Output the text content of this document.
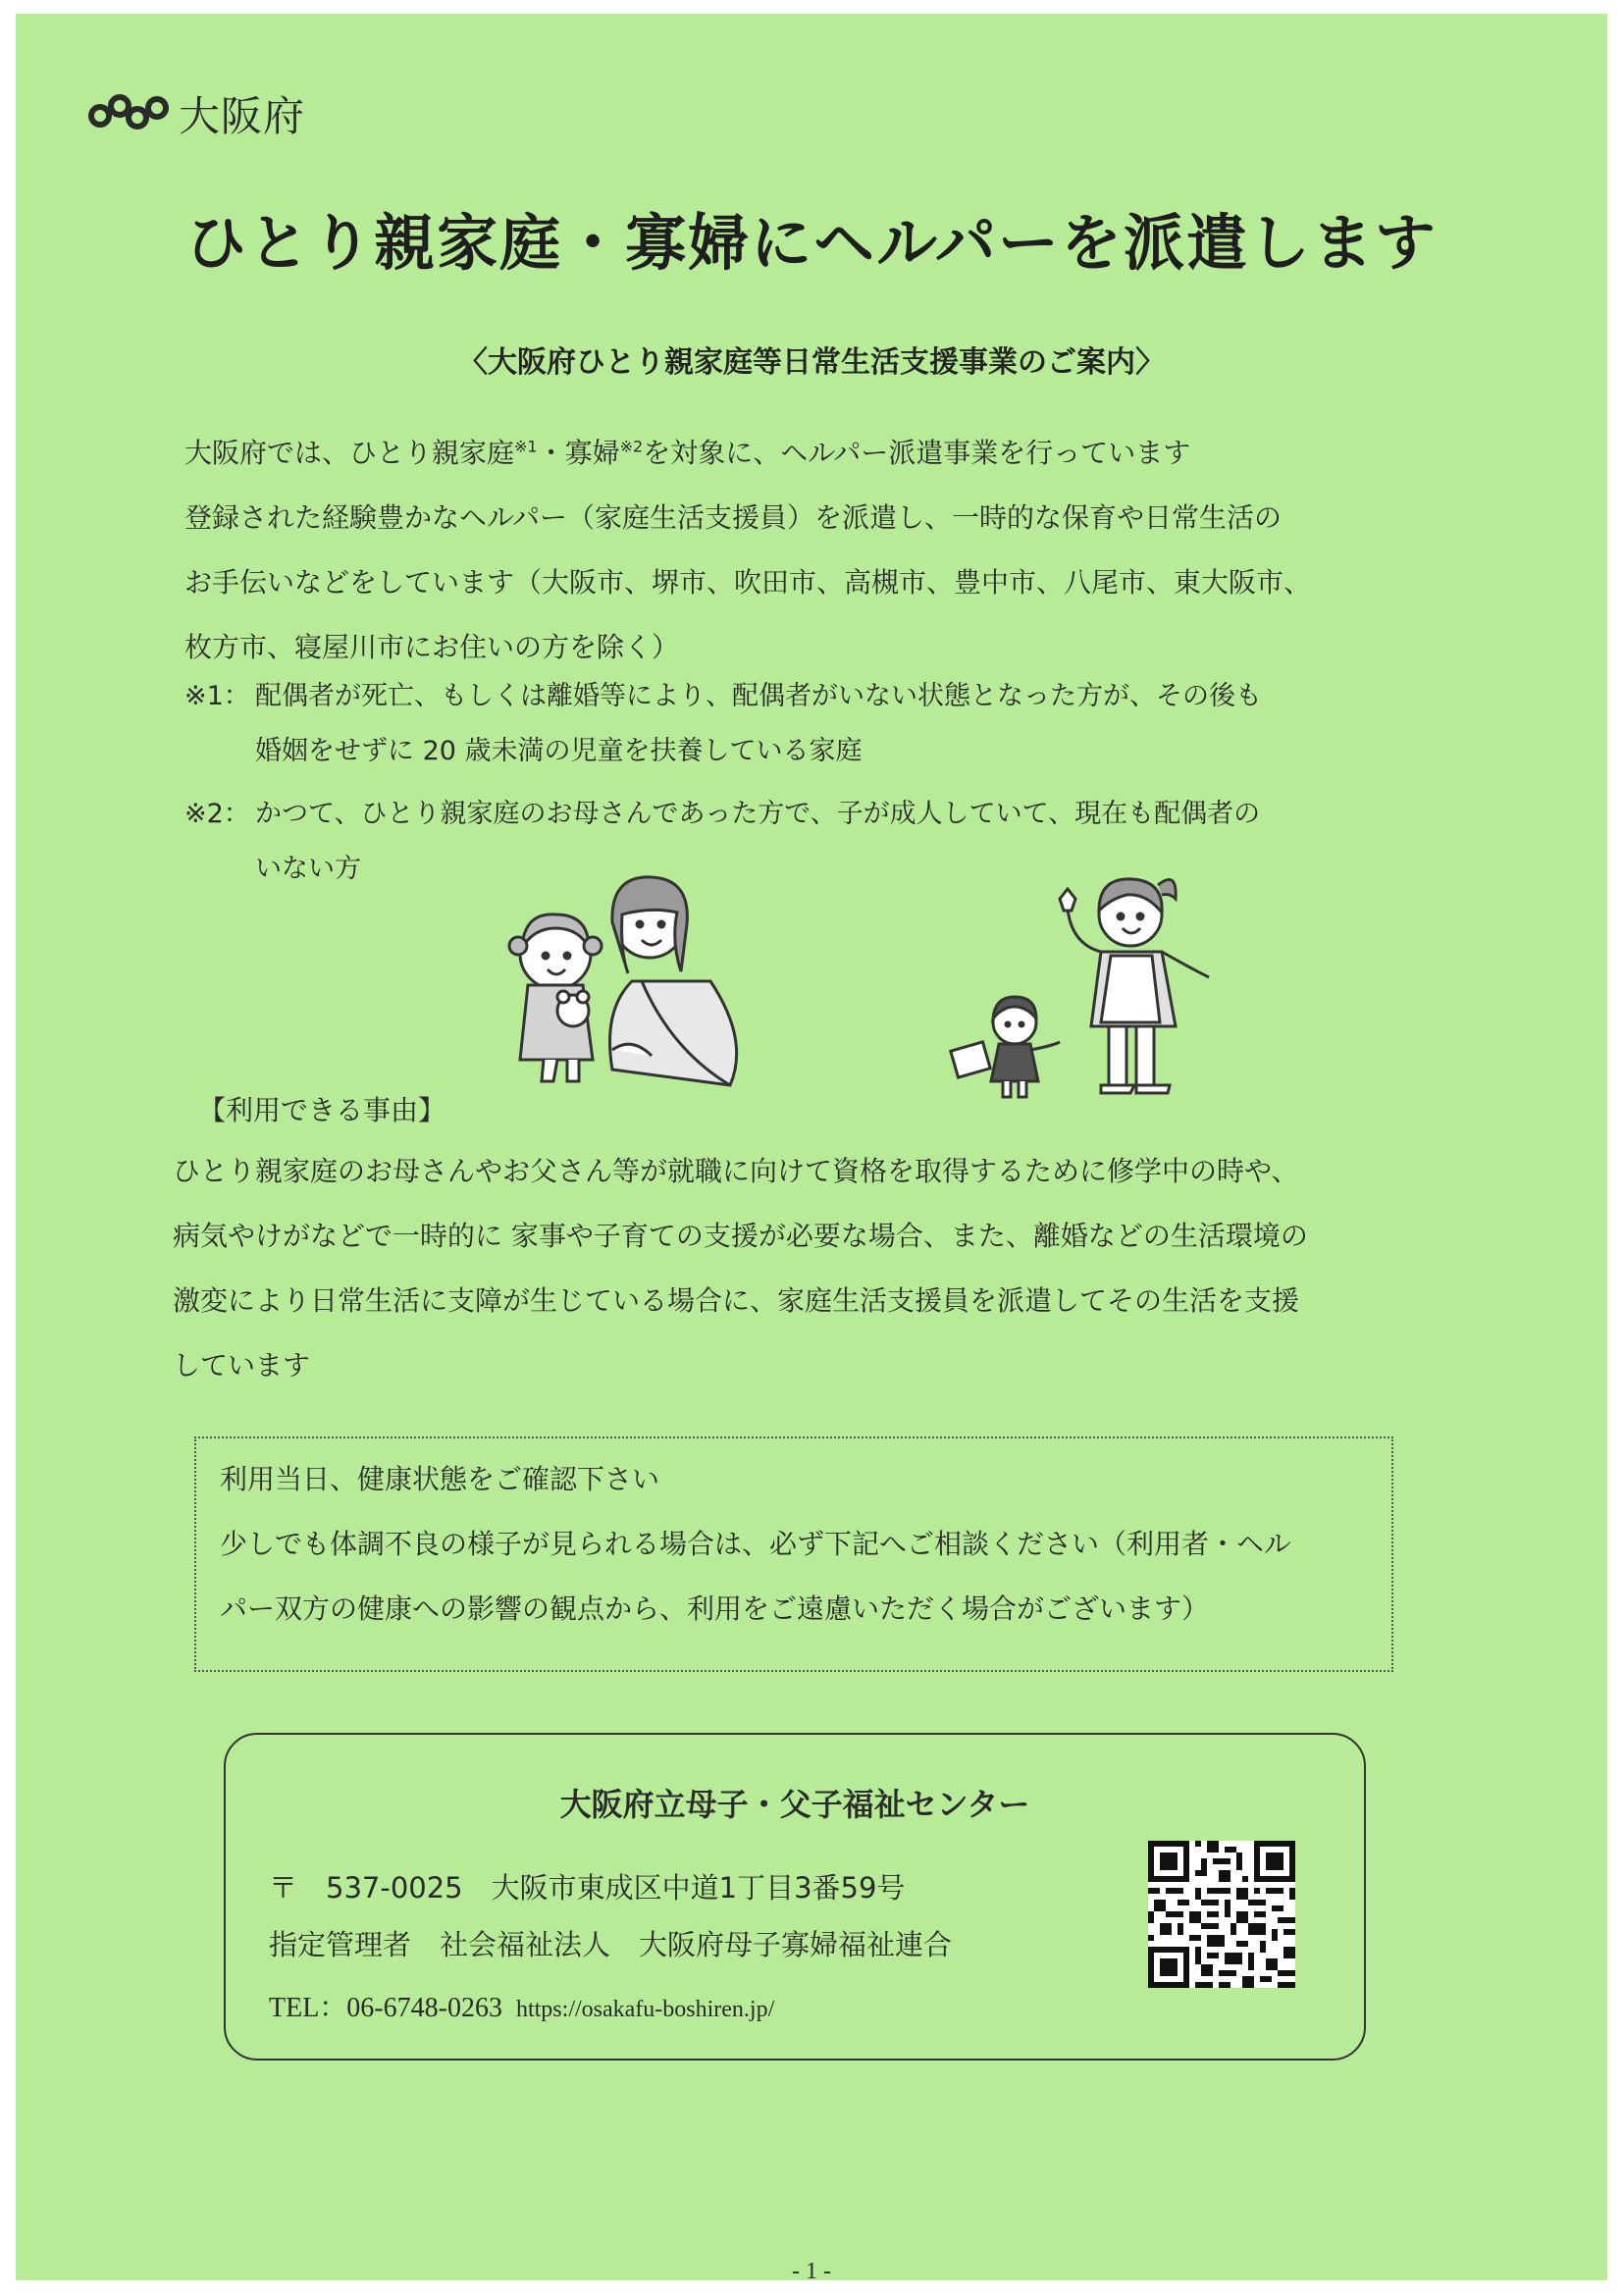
大阪府
ひとり親家庭・寡婦にヘルパーを派遣します
〈大阪府ひとり親家庭等日常生活支援事業のご案内〉

大阪府では、ひとり親家庭$^{※1}$・寡婦$^{※2}$を対象に、ヘルパー派遣事業を行っています

登録された経験豊かなヘルパー（家庭生活支援員）を派遣し、一時的な保育や日常生活の

お手伝いなどをしています（大阪市、堺市、吹田市、高槻市、豊中市、八尾市、東大阪市、

枚方市、寝屋川市にお住いの方を除く）

※1： 配偶者が死亡、もしくは離婚等により、配偶者がいない状態となった方が、その後も
婚姻をせずに 20 歳未満の児童を扶養している家庭
※2： かつて、ひとり親家庭のお母さんであった方で、子が成人していて、現在も配偶者の
いない方
【利用できる事由】

ひとり親家庭のお母さんやお父さん等が就職に向けて資格を取得するために修学中の時や、

病気やけがなどで一時的に 家事や子育ての支援が必要な場合、また、離婚などの生活環境の

激変により日常生活に支障が生じている場合に、家庭生活支援員を派遣してその生活を支援

しています

利用当日、健康状態をご確認下さい

少しでも体調不良の様子が見られる場合は、必ず下記へご相談ください（利用者・ヘル

パー双方の健康への影響の観点から、利用をご遠慮いただく場合がございます）

大阪府立母子・父子福祉センター
〒　537-0025　大阪市東成区中道1丁目3番59号
指定管理者　社会福祉法人　大阪府母子寡婦福祉連合
TEL：06-6748-0263 https://osakafu-boshiren.jp/
- 1 -
